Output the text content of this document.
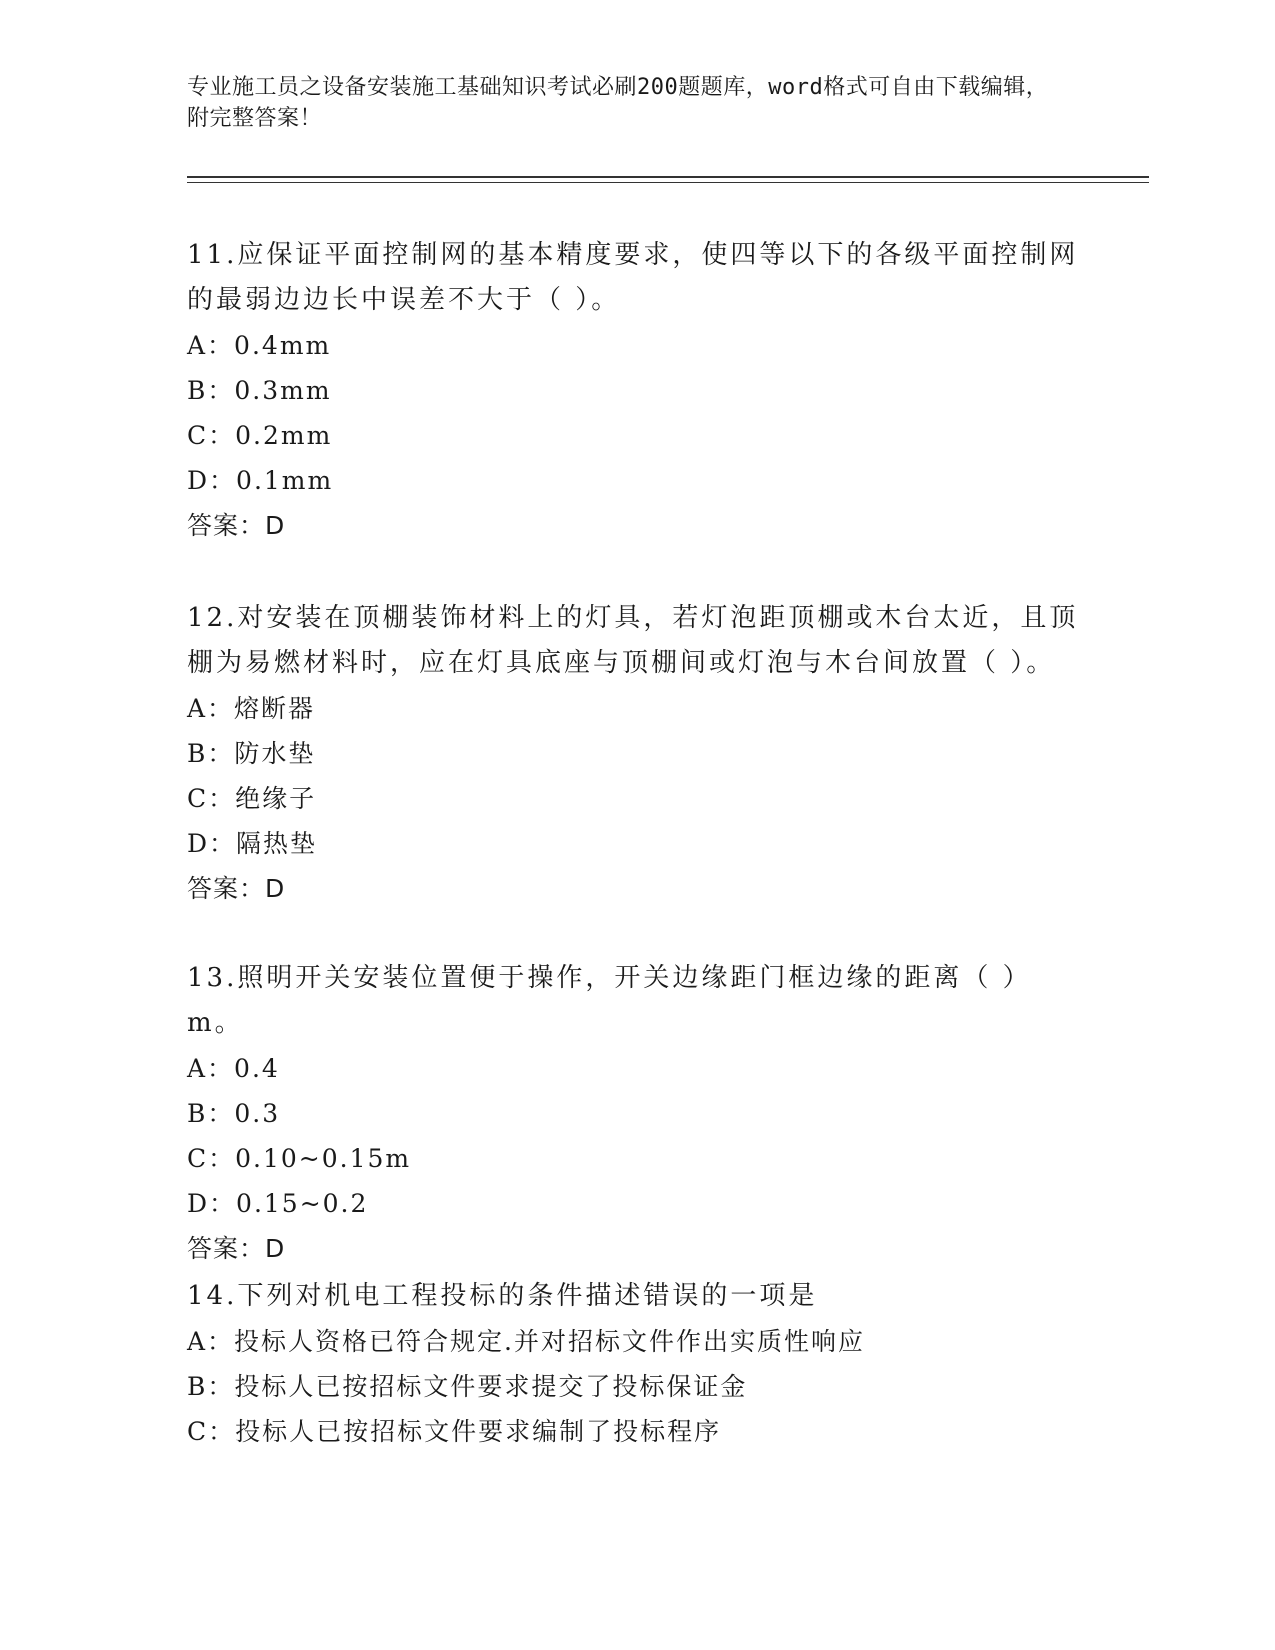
专业施工员之设备安装施工基础知识考试必刷200题题库，word格式可自由下载编辑，附完整答案！

11.应保证平面控制网的基本精度要求，使四等以下的各级平面控制网的最弱边边长中误差不大于（ ）。

A：0.4mm

B：0.3mm

C：0.2mm

D：0.1mm

答案：D

12.对安装在顶棚装饰材料上的灯具，若灯泡距顶棚或木台太近，且顶棚为易燃材料时，应在灯具底座与顶棚间或灯泡与木台间放置（ ）。

A：熔断器

B：防水垫

C：绝缘子

D：隔热垫

答案：D

13.照明开关安装位置便于操作，开关边缘距门框边缘的距离（ ）m。

A：0.4

B：0.3

C：0.10~0.15m

D：0.15~0.2

答案：D

14.下列对机电工程投标的条件描述错误的一项是

A：投标人资格已符合规定.并对招标文件作出实质性响应

B：投标人已按招标文件要求提交了投标保证金

C：投标人已按招标文件要求编制了投标程序
